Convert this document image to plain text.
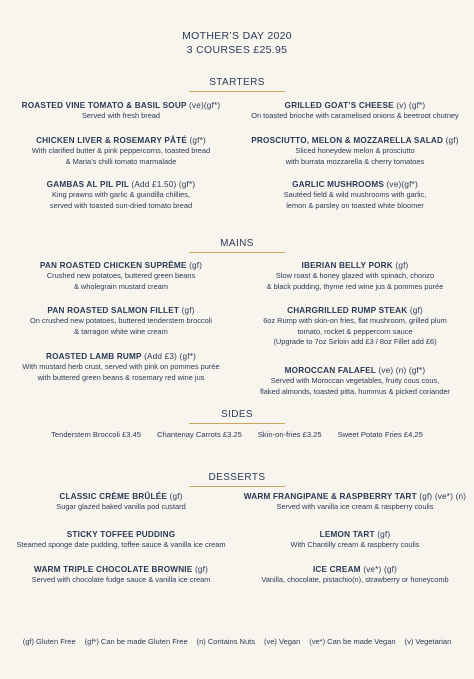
MOTHER’S DAY 2020
3 COURSES £25.95
STARTERS
ROASTED VINE TOMATO & BASIL SOUP (ve)(gf*)
Served with fresh bread
GRILLED GOAT’S CHEESE (v) (gf*)
On toasted brioche with caramelised onions & beetroot chutney
CHICKEN LIVER & ROSEMARY PÂTÉ (gf*)
With clarified butter & pink peppercorns, toasted bread
& Maria’s chilli tomato marmalade
PROSCIUTTO, MELON & MOZZARELLA SALAD (gf)
Sliced honeydew melon & prosciutto
with burrata mozzarella & cherry tomatoes
GAMBAS AL PIL PIL (Add £1.50) (gf*)
King prawns with garlic & guindilla chillies,
served with toasted sun-dried tomato bread
GARLIC MUSHROOMS (ve)(gf*)
Sautéed field & wild mushrooms with garlic,
lemon & parsley on toasted white bloomer
MAINS
PAN ROASTED CHICKEN SUPRÊME (gf)
Crushed new potatoes, buttered green beans
& wholegrain mustard cream
IBERIAN BELLY PORK (gf)
Slow roast & honey glazed with spinach, chorizo
& black pudding, thyme red wine jus & pommes purée
PAN ROASTED SALMON FILLET (gf)
On crushed new potatoes, buttered tenderstem broccoli
& tarragon white wine cream
CHARGRILLED RUMP STEAK (gf)
6oz Rump with skin-on fries, flat mushroom, grilled plum
tomato, rocket & peppercorn sauce
(Upgrade to 7oz Sirloin add £3 / 8oz Fillet add £6)
ROASTED LAMB RUMP (Add £3) (gf*)
With mustard herb crust, served with pink on pommes purée
with buttered green beans & rosemary red wine jus
MOROCCAN FALAFEL (ve) (n) (gf*)
Served with Moroccan vegetables, fruity cous cous,
flaked almonds, toasted pitta, hummus & picked coriander
SIDES
Tenderstem Broccoli £3.45 Chantenay Carrots £3.25 Skin-on-fries £3.25 Sweet Potato Fries £4.25
DESSERTS
CLASSIC CRÈME BRÛLÉE (gf)
Sugar glazed baked vanilla pod custard
WARM FRANGIPANE & RASPBERRY TART (gf) (ve*) (n)
Served with vanilla ice cream & raspberry coulis
STICKY TOFFEE PUDDING
Steamed sponge date pudding, toffee sauce & vanilla ice cream
LEMON TART (gf)
With Chantilly cream & raspberry coulis
WARM TRIPLE CHOCOLATE BROWNIE (gf)
Served with chocolate fudge sauce & vanilla ice cream
ICE CREAM (ve*) (gf)
Vanilla, chocolate, pistachio(n), strawberry or honeycomb
(gf) Gluten Free (gf*) Can be made Gluten Free (n) Contains Nuts (ve) Vegan (ve*) Can be made Vegan (v) Vegetarian
